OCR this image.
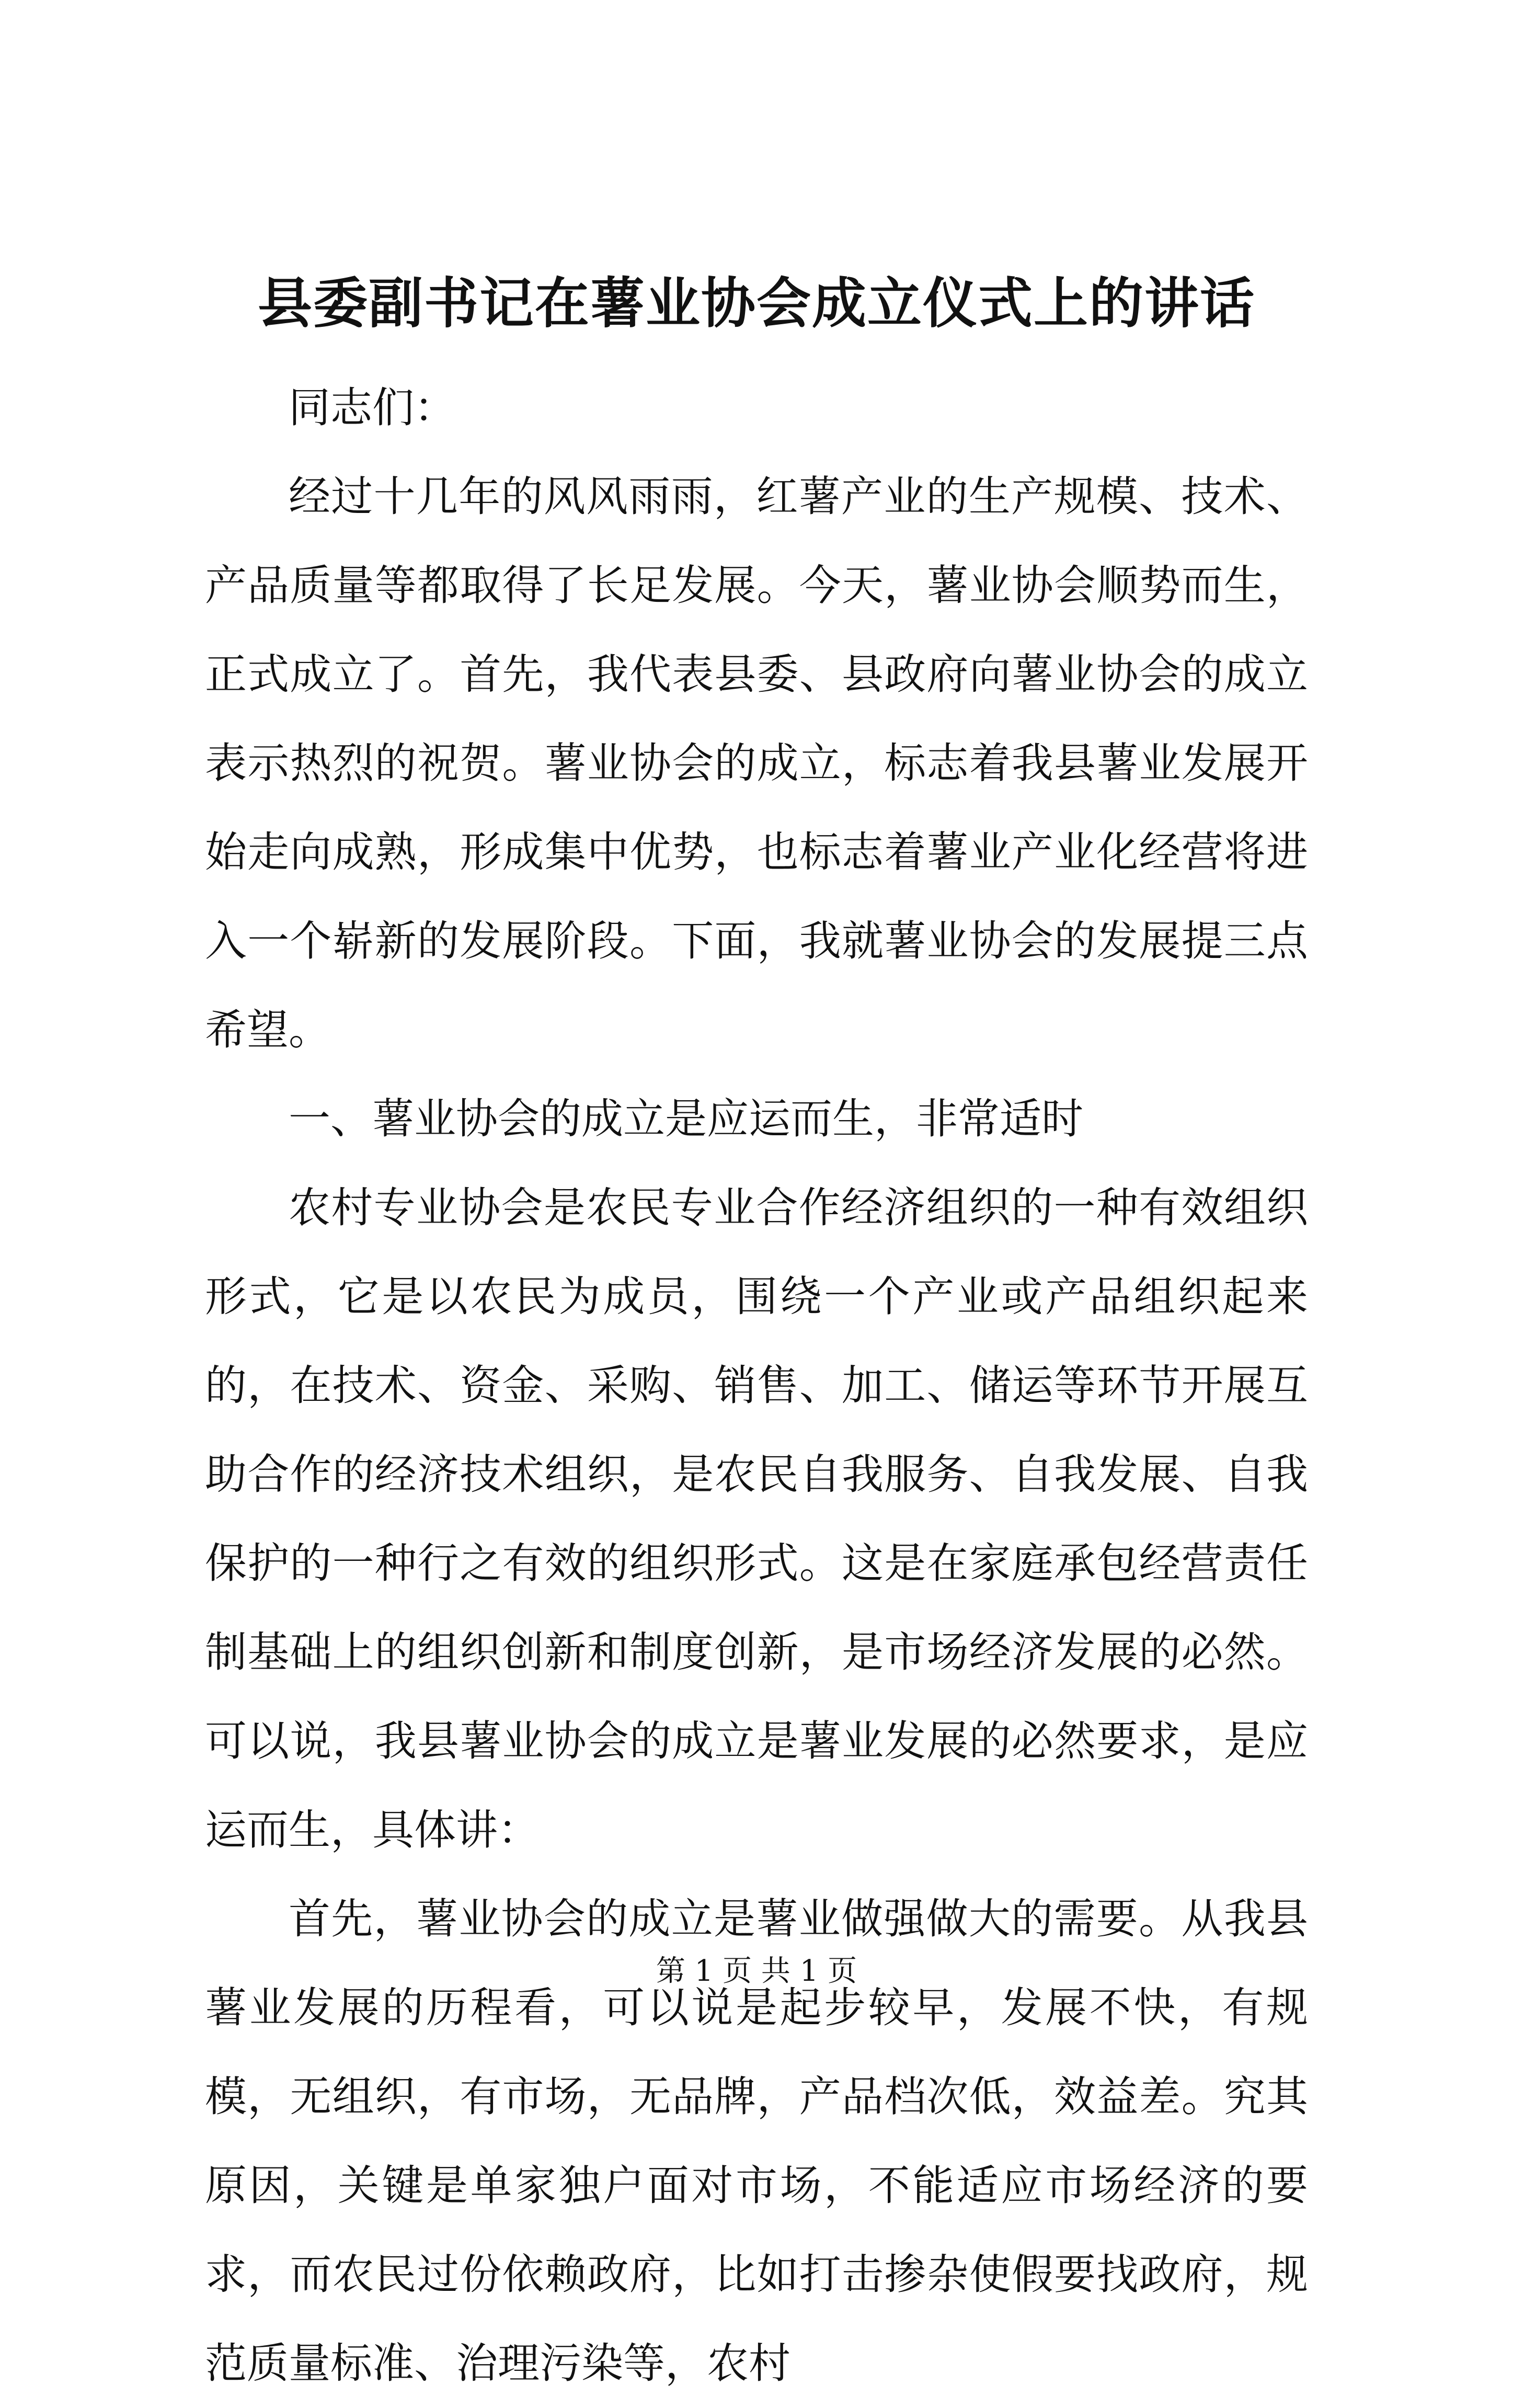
县委副书记在薯业协会成立仪式上的讲话

同志们：

经过十几年的风风雨雨，红薯产业的生产规模、技术、产品质量等都取得了长足发展。今天，薯业协会顺势而生，正式成立了。首先，我代表县委、县政府向薯业协会的成立表示热烈的祝贺。薯业协会的成立，标志着我县薯业发展开始走向成熟，形成集中优势，也标志着薯业产业化经营将进入一个崭新的发展阶段。下面，我就薯业协会的发展提三点希望。

一、薯业协会的成立是应运而生，非常适时

农村专业协会是农民专业合作经济组织的一种有效组织形式，它是以农民为成员，围绕一个产业或产品组织起来的，在技术、资金、采购、销售、加工、储运等环节开展互助合作的经济技术组织，是农民自我服务、自我发展、自我保护的一种行之有效的组织形式。这是在家庭承包经营责任制基础上的组织创新和制度创新，是市场经济发展的必然。可以说，我县薯业协会的成立是薯业发展的必然要求，是应运而生，具体讲：

首先，薯业协会的成立是薯业做强做大的需要。从我县薯业发展的历程看，可以说是起步较早，发展不快，有规模，无组织，有市场，无品牌，产品档次低，效益差。究其原因，关键是单家独户面对市场，不能适应市场经济的要求，而农民过份依赖政府，比如打击掺杂使假要找政府，规范质量标准、治理污染等，农村

第 1 页 共 1 页
